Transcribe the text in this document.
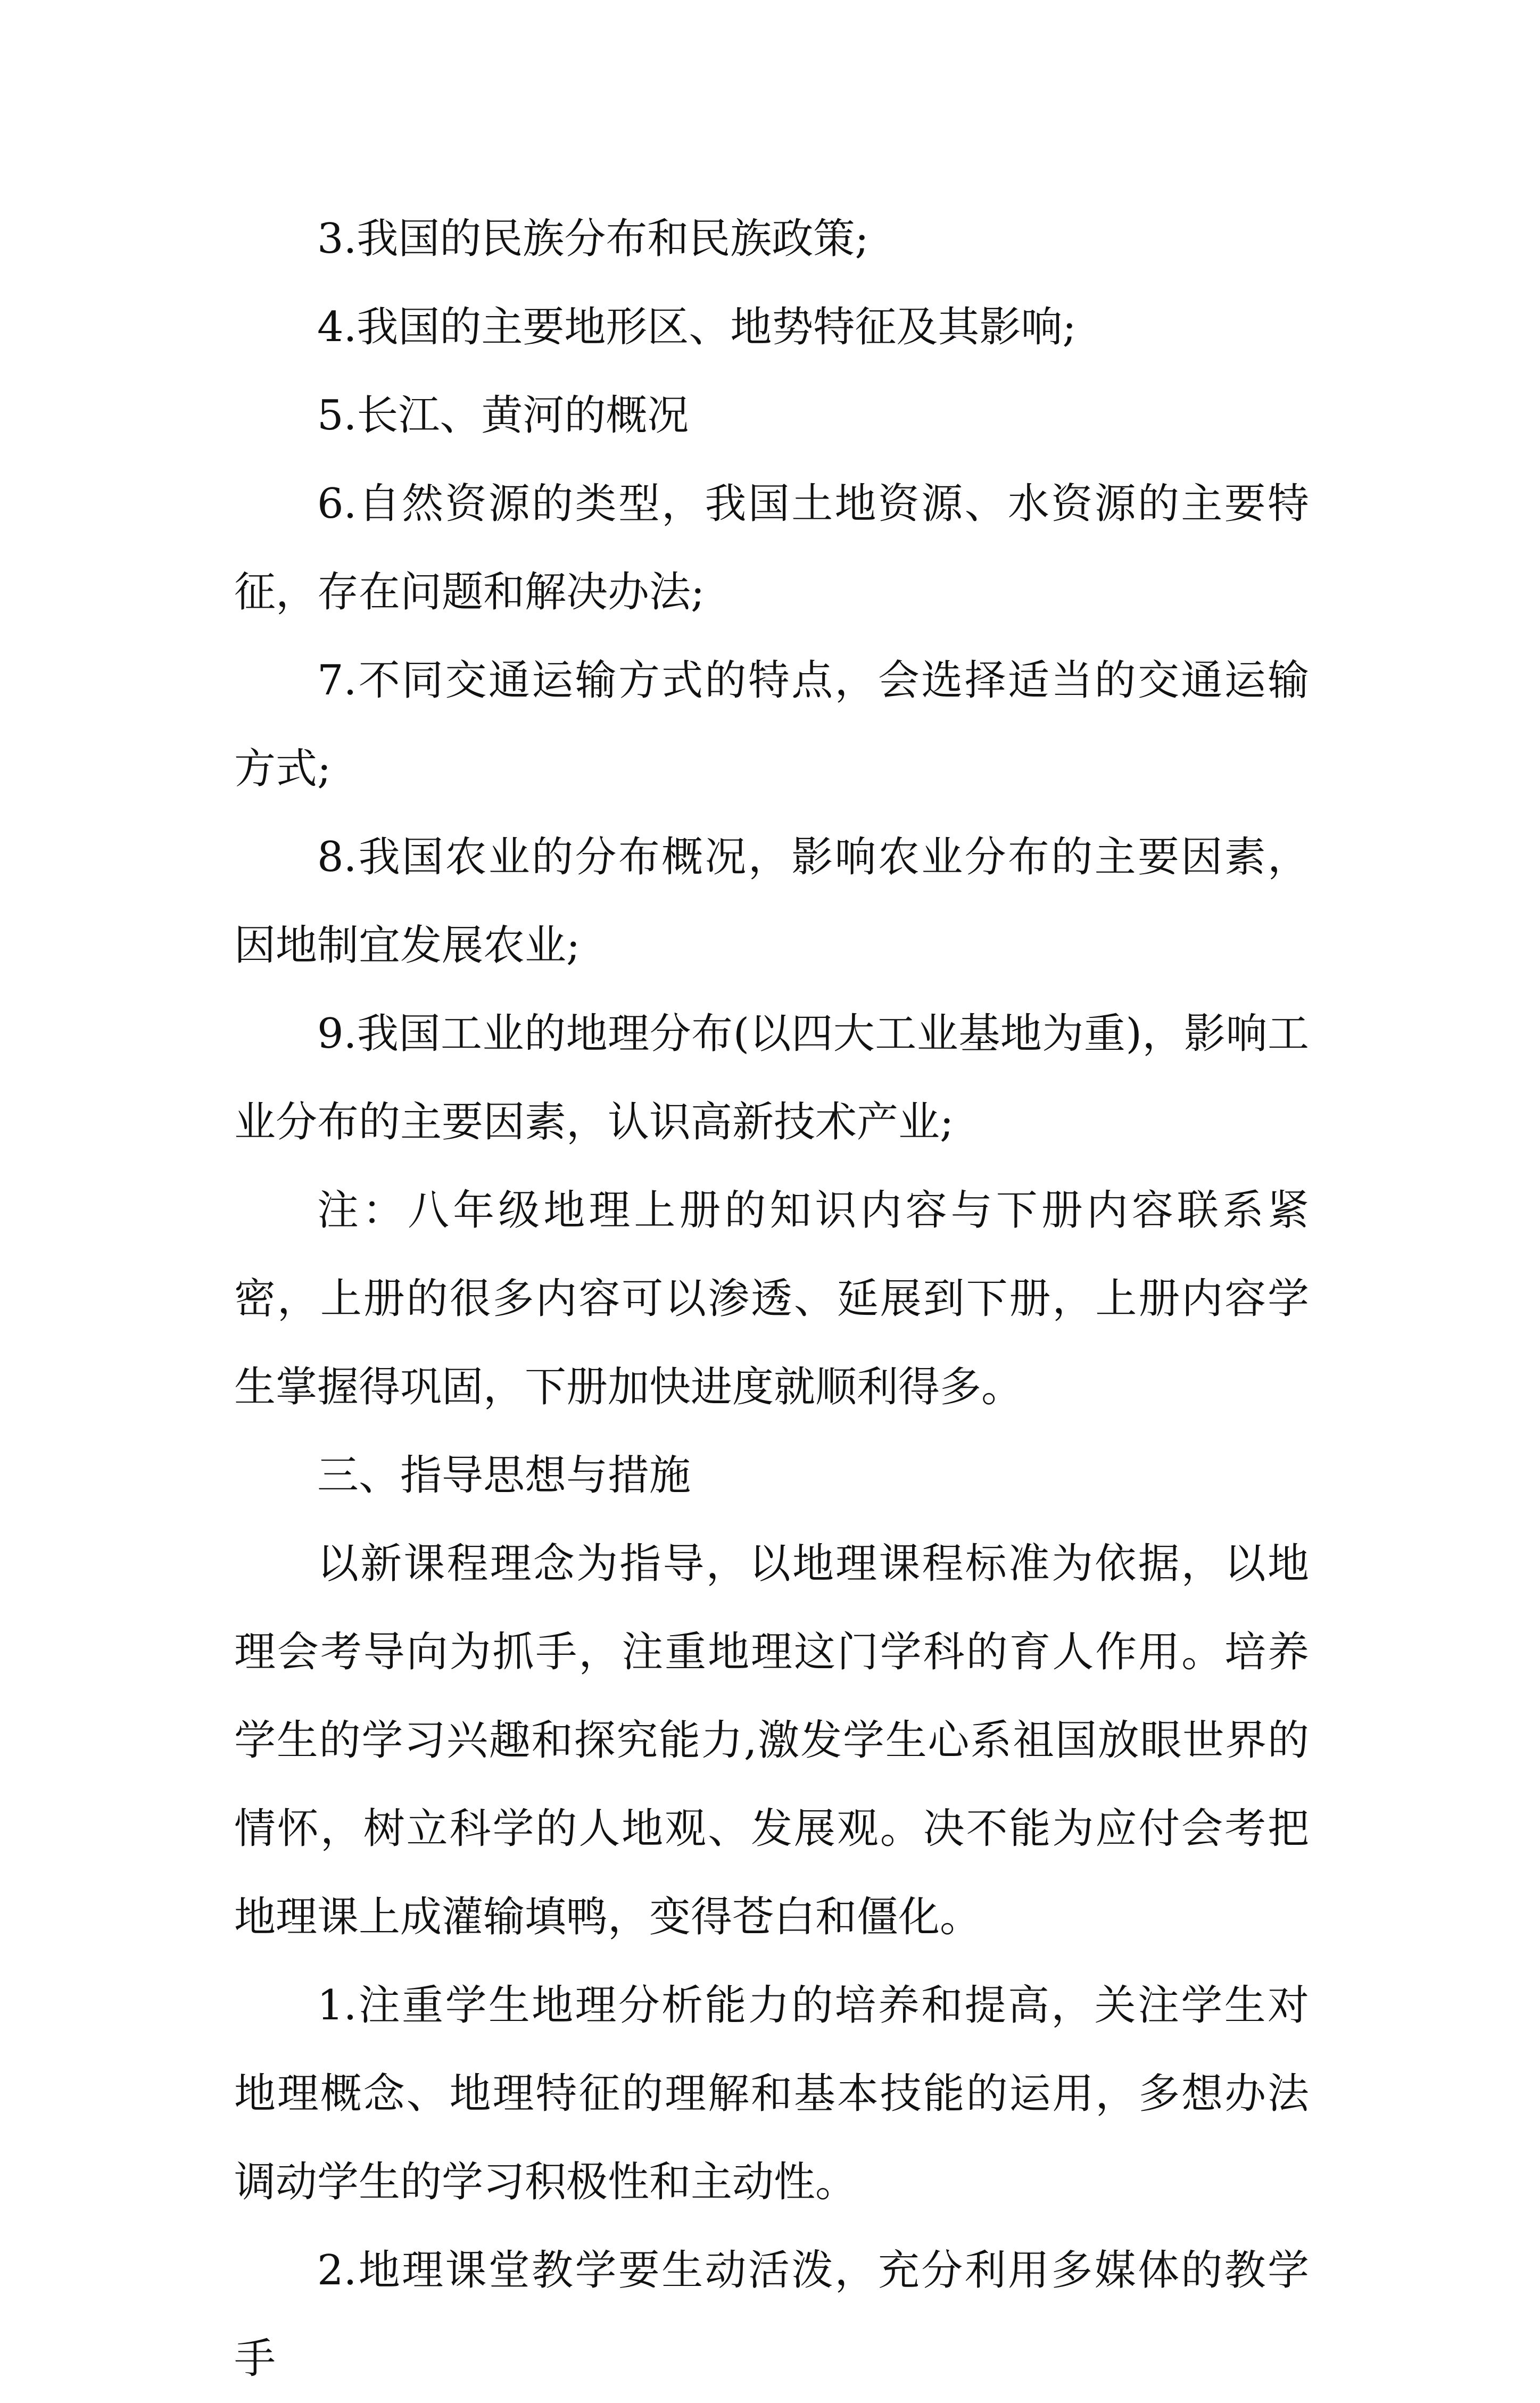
3.我国的民族分布和民族政策;

4.我国的主要地形区、地势特征及其影响;

5.长江、黄河的概况

6.自然资源的类型，我国土地资源、水资源的主要特征，存在问题和解决办法;

7.不同交通运输方式的特点，会选择适当的交通运输方式;

8.我国农业的分布概况，影响农业分布的主要因素，因地制宜发展农业;

9.我国工业的地理分布(以四大工业基地为重)，影响工业分布的主要因素，认识高新技术产业;

注：八年级地理上册的知识内容与下册内容联系紧密，上册的很多内容可以渗透、延展到下册，上册内容学生掌握得巩固，下册加快进度就顺利得多。

三、指导思想与措施

以新课程理念为指导，以地理课程标准为依据，以地理会考导向为抓手，注重地理这门学科的育人作用。培养学生的学习兴趣和探究能力,激发学生心系祖国放眼世界的情怀，树立科学的人地观、发展观。决不能为应付会考把地理课上成灌输填鸭，变得苍白和僵化。

1.注重学生地理分析能力的培养和提高，关注学生对地理概念、地理特征的理解和基本技能的运用，多想办法调动学生的学习积极性和主动性。

2.地理课堂教学要生动活泼，充分利用多媒体的教学手
